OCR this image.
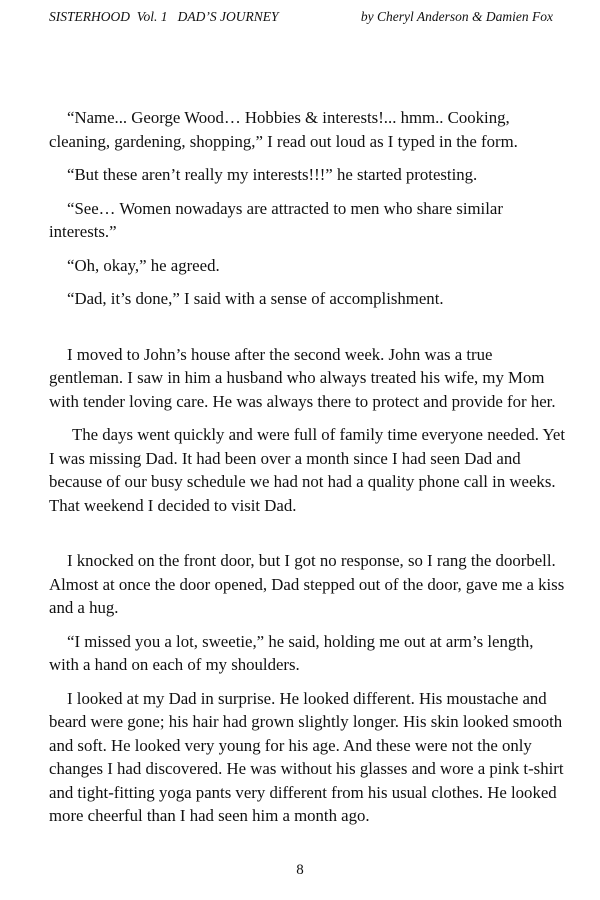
SISTERHOOD  Vol. 1   DAD’S JOURNEY	by Cheryl Anderson & Damien Fox

“Name... George Wood… Hobbies & interests!... hmm.. Cooking, cleaning, gardening, shopping,” I read out loud as I typed in the form.

“But these aren’t really my interests!!!” he started protesting.

“See… Women nowadays are attracted to men who share similar interests.”

“Oh, okay,” he agreed.

“Dad, it’s done,” I said with a sense of accomplishment.

I moved to John’s house after the second week. John was a true gentleman. I saw in him a husband who always treated his wife, my Mom with tender loving care. He was always there to protect and provide for her.

The days went quickly and were full of family time everyone needed. Yet I was missing Dad. It had been over a month since I had seen Dad and because of our busy schedule we had not had a quality phone call in weeks. That weekend I decided to visit Dad.

I knocked on the front door, but I got no response, so I rang the doorbell. Almost at once the door opened, Dad stepped out of the door, gave me a kiss and a hug.

“I missed you a lot, sweetie,” he said, holding me out at arm’s length, with a hand on each of my shoulders.

I looked at my Dad in surprise. He looked different. His moustache and beard were gone; his hair had grown slightly longer. His skin looked smooth and soft. He looked very young for his age. And these were not the only changes I had discovered. He was without his glasses and wore a pink t-shirt and tight-fitting yoga pants very different from his usual clothes. He looked more cheerful than I had seen him a month ago.

8
